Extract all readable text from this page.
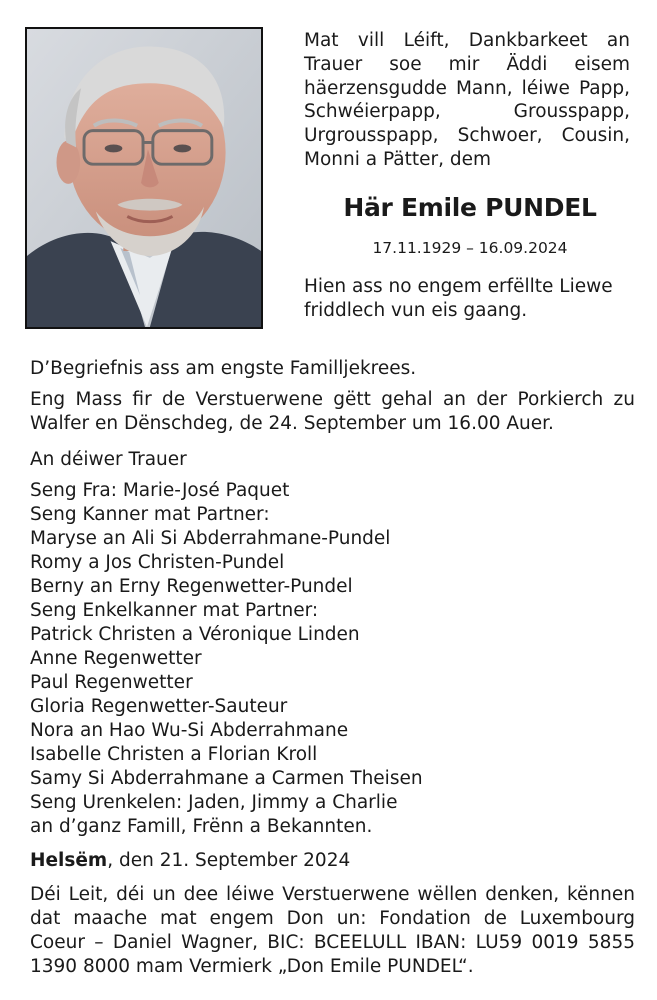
Mat vill Léift, Dankbarkeet an Trauer soe mir Äddi eisem häerzensgudde Mann, léiwe Papp, Schwéierpapp, Grousspapp, Urgrousspapp, Schwoer, Cousin, Monni a Pätter, dem

Här Emile PUNDEL
17.11.1929 – 16.09.2024

Hien ass no engem erfëllte Liewe friddlech vun eis gaang.

D’Begriefnis ass am engste Familljekrees.

Eng Mass fir de Verstuerwene gëtt gehal an der Porkierch zu Walfer en Dënschdeg, de 24. September um 16.00 Auer.

An déiwer Trauer

Seng Fra: Marie-José Paquet

Seng Kanner mat Partner:

Maryse an Ali Si Abderrahmane-Pundel

Romy a Jos Christen-Pundel

Berny an Erny Regenwetter-Pundel

Seng Enkelkanner mat Partner:

Patrick Christen a Véronique Linden

Anne Regenwetter

Paul Regenwetter

Gloria Regenwetter-Sauteur

Nora an Hao Wu-Si Abderrahmane

Isabelle Christen a Florian Kroll

Samy Si Abderrahmane a Carmen Theisen

Seng Urenkelen: Jaden, Jimmy a Charlie

an d’ganz Famill, Frënn a Bekannten.

Helsëm, den 21. September 2024

Déi Leit, déi un dee léiwe Verstuerwene wëllen denken, kënnen dat maache mat engem Don un: Fondation de Luxembourg Coeur – Daniel Wagner, BIC: BCEELULL IBAN: LU59 0019 5855 1390 8000 mam Vermierk „Don Emile PUNDEL“.
